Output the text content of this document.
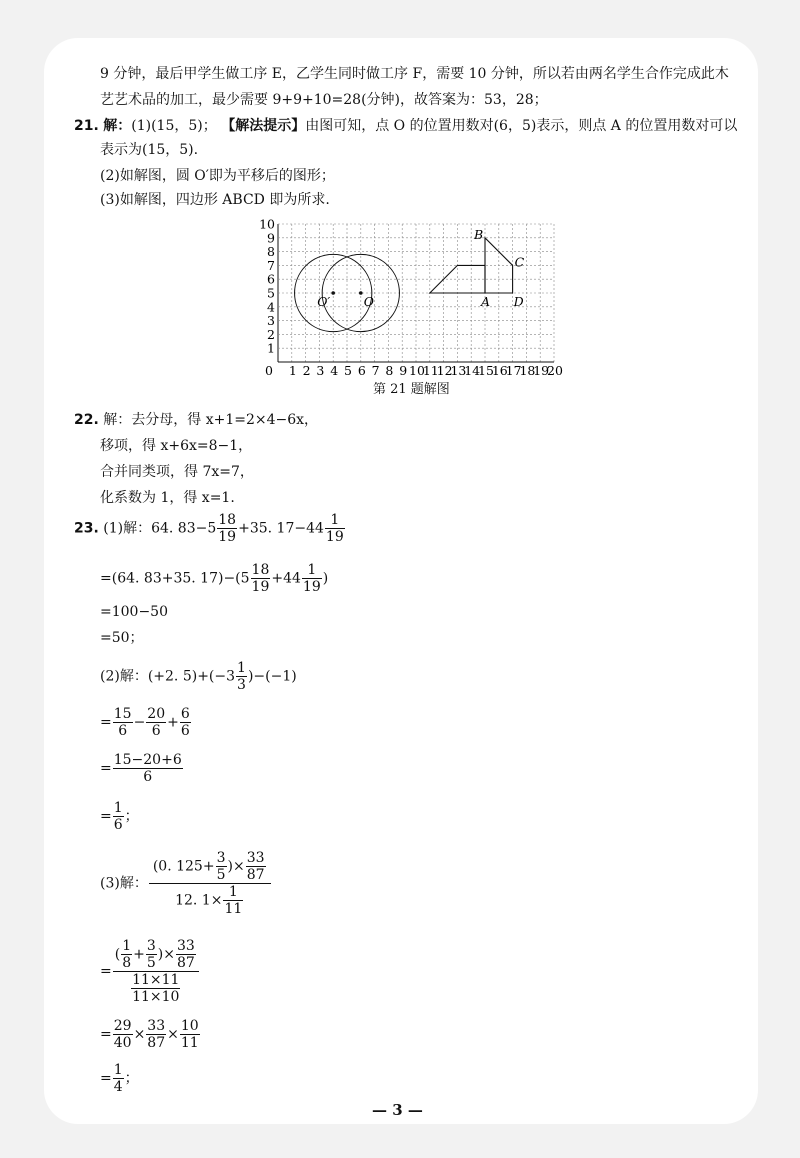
9 分钟，最后甲学生做工序 E，乙学生同时做工序 F，需要 10 分钟，所以若由两名学生合作完成此木
艺艺术品的加工，最少需要 9+9+10=28(分钟)，故答案为：53，28；
21. 解：(1)(15，5)； 【解法提示】由图可知，点 O 的位置用数对(6，5)表示，则点 A 的位置用数对可以
表示为(15，5).
(2)如解图，圆 O′即为平移后的图形；
(3)如解图，四边形 ABCD 即为所求.
0 1 2 3 4 5 6 7 8 9 10
11
12
13
14
15
16
17
18
19
20
1
2
3
4
5
6
7
8
9
10
O′	O	A
B
C
D
第 21 题解图
22. 解：去分母，得 x+1=2×4−6x，
移项，得 x+6x=8−1，
合并同类项，得 7x=7，
化系数为 1，得 x=1.
23. (1)解：64. $83-5 \frac{18}{19} +35$. $17-44 \frac{1}{19}$
=(64. 83+35. $17)-(5 \frac{18}{19} +44 \frac{1}{19}$ )
=100−50
=50；
(2)解：(+2. $5)+(-3 \frac{1}{3} )-(-1)$
= $\frac{15}{6} - \frac{20}{6} + \frac{6}{6}$
= $\frac{15-20+6}{6}$
= $\frac{1}{6}$ ；
(3)解： $\frac{(0. 125+ \frac{3}{5} )\times \frac{33}{87}}{12. 1\times \frac{1}{11}}$
= $\frac{( \frac{1}{8} + \frac{3}{5} )\times \frac{33}{87}}{\frac{11\times 11}{11\times 10}}$
= $\frac{29}{40} \times \frac{33}{87} \times \frac{10}{11}$
= $\frac{1}{4}$ ；
— 3 —
